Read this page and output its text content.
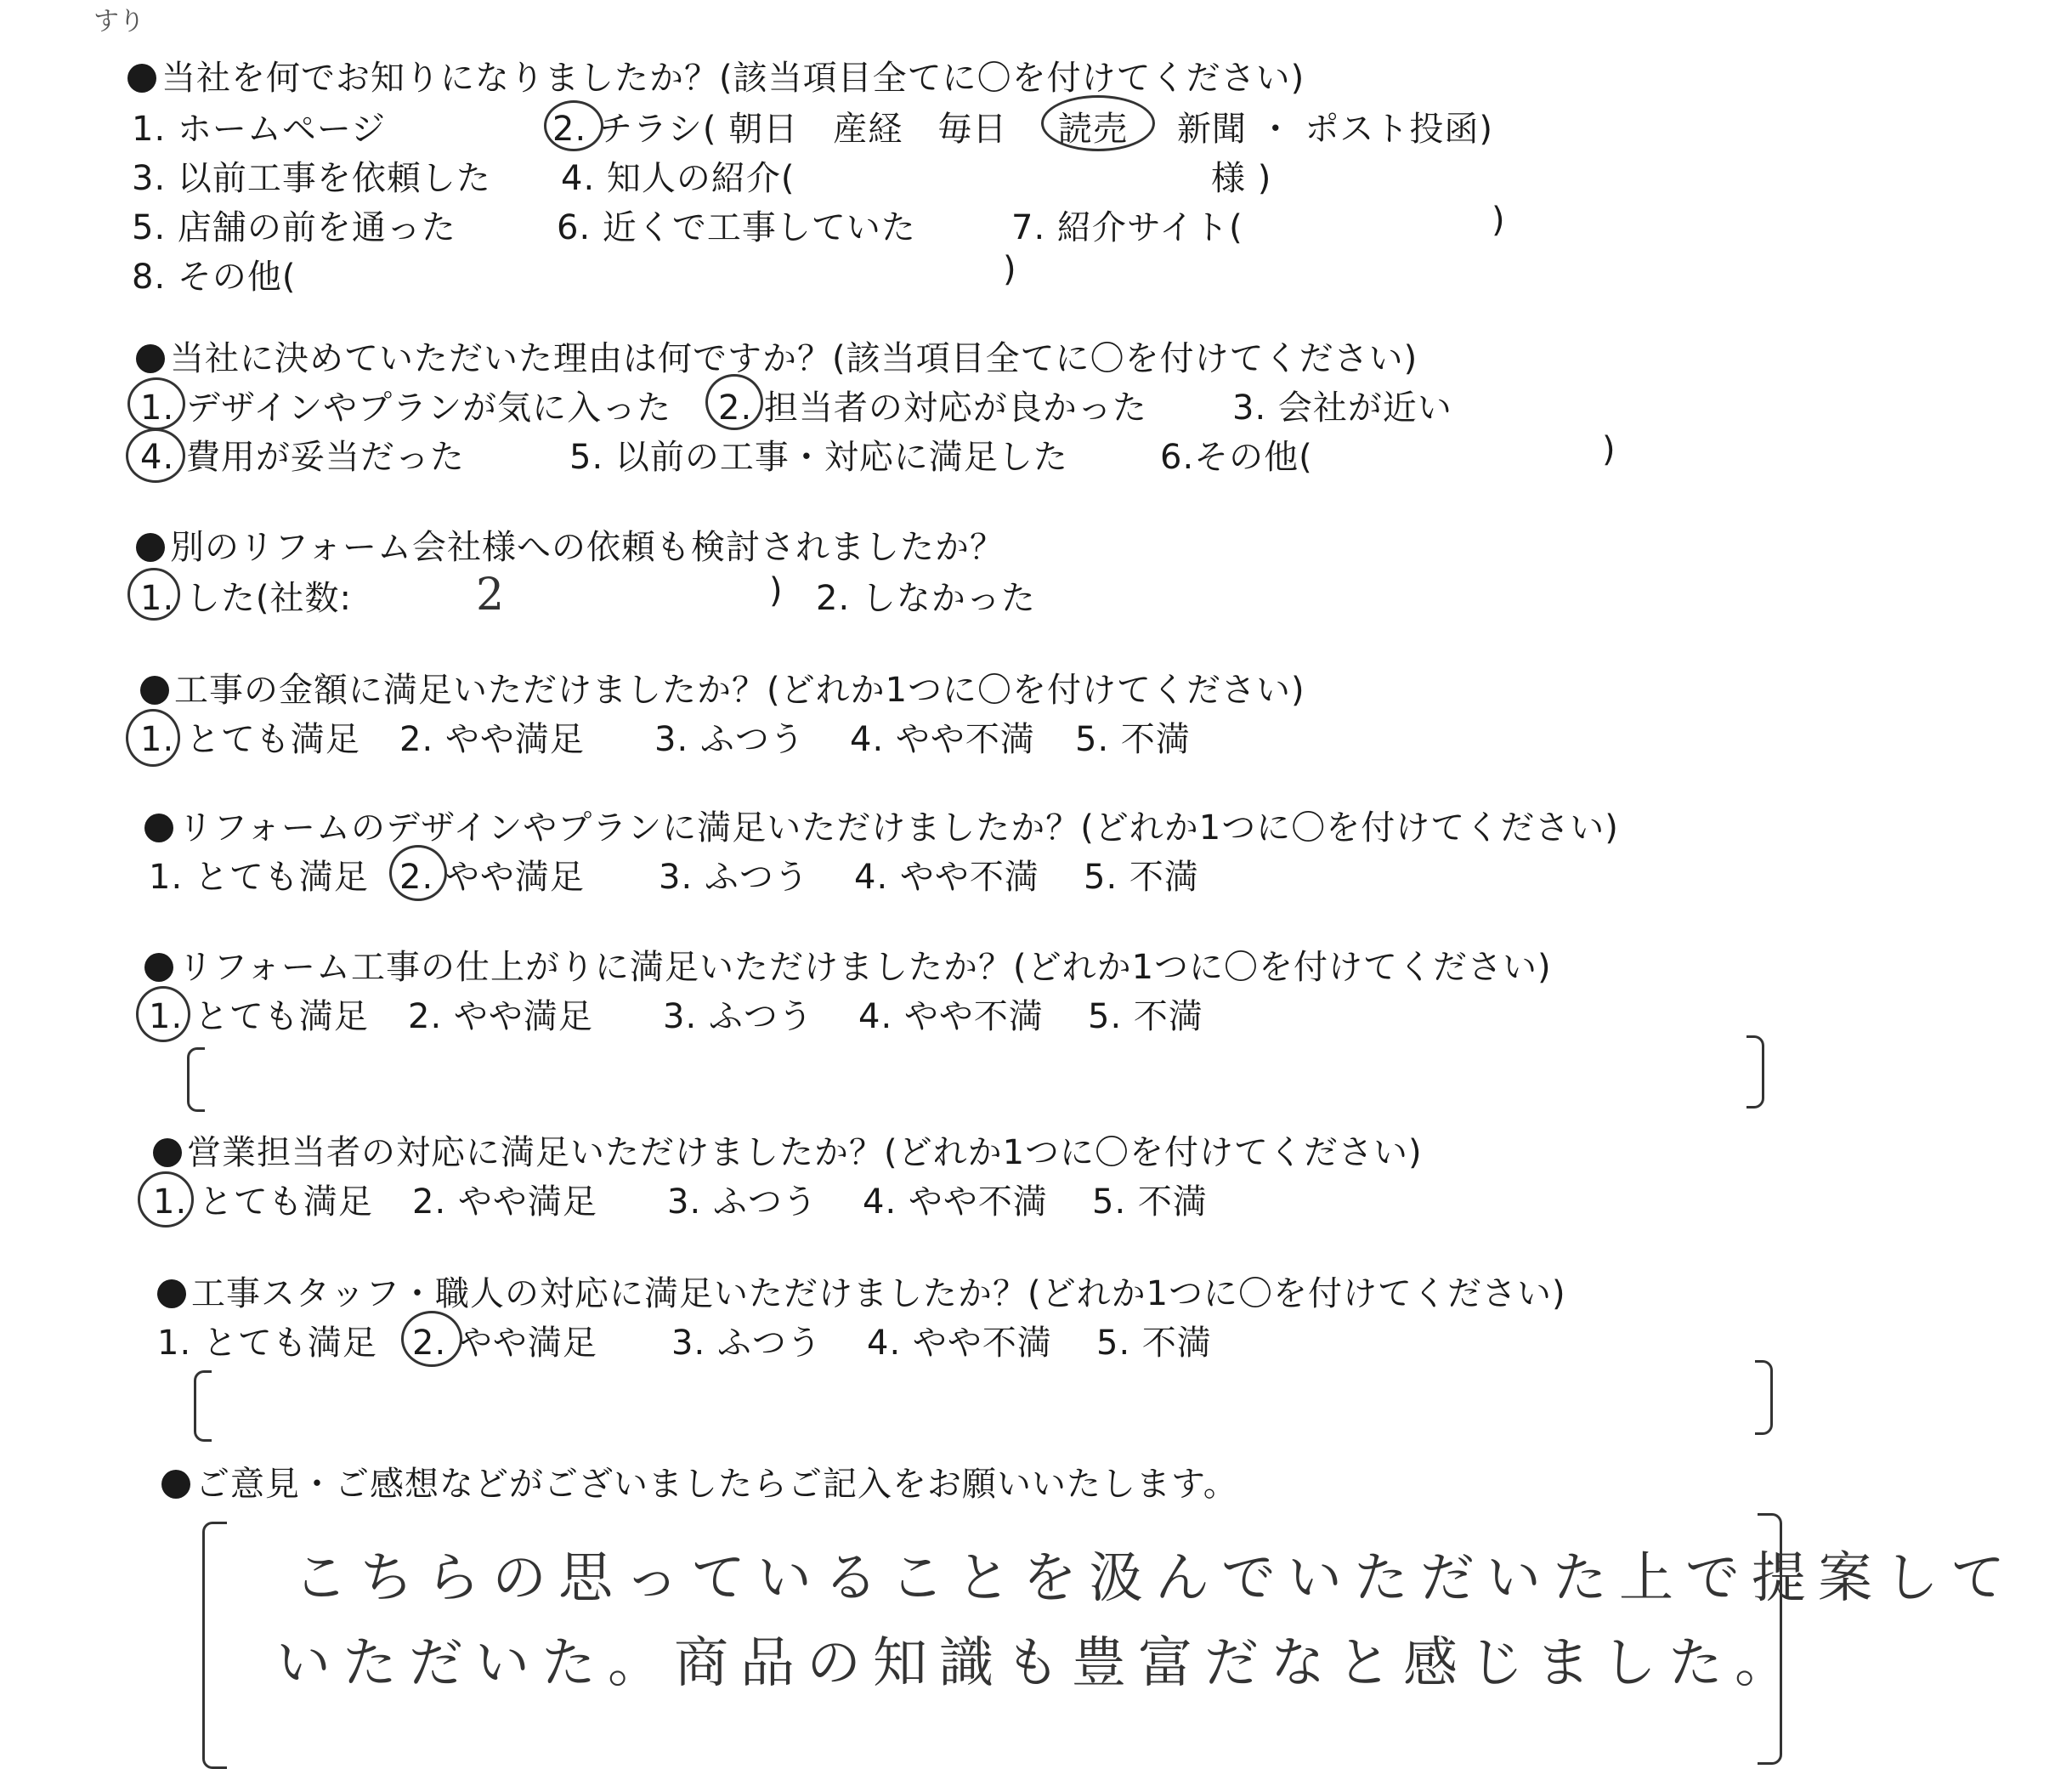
すり
当社を何でお知りになりましたか？(該当項目全てに〇を付けてください)
1. ホームページ	2. チラシ( 朝日　産経　毎日 読売 新聞 ・ ポスト投函)
3. 以前工事を依頼した 4. 知人の紹介(	様 )
5. 店舗の前を通った	6. 近くで工事していた	7. 紹介サイト(	)
8. その他(	)
当社に決めていただいた理由は何ですか？(該当項目全てに〇を付けてください)
1. デザインやプランが気に入った 2. 担当者の対応が良かった	3. 会社が近い
4. 費用が妥当だった	5. 以前の工事・対応に満足した	6.その他(	)
別のリフォーム会社様への依頼も検討されましたか？
1. した(社数:	2	) 2. しなかった
工事の金額に満足いただけましたか？(どれか1つに〇を付けてください)
1. とても満足 2. やや満足 3. ふつう 4. やや不満 5. 不満
リフォームのデザインやプランに満足いただけましたか？(どれか1つに〇を付けてください)
1. とても満足 2. やや満足 3. ふつう 4. やや不満 5. 不満
リフォーム工事の仕上がりに満足いただけましたか？(どれか1つに〇を付けてください)
1. とても満足 2. やや満足 3. ふつう 4. やや不満 5. 不満
営業担当者の対応に満足いただけましたか？(どれか1つに〇を付けてください)
1. とても満足 2. やや満足 3. ふつう 4. やや不満 5. 不満
工事スタッフ・職人の対応に満足いただけましたか？(どれか1つに〇を付けてください)
1. とても満足 2. やや満足 3. ふつう 4. やや不満 5. 不満
ご意見・ご感想などがございましたらご記入をお願いいたします。
こちらの思っていることを汲んでいただいた上で提案して
いただいた。商品の知識も豊富だなと感じました。
